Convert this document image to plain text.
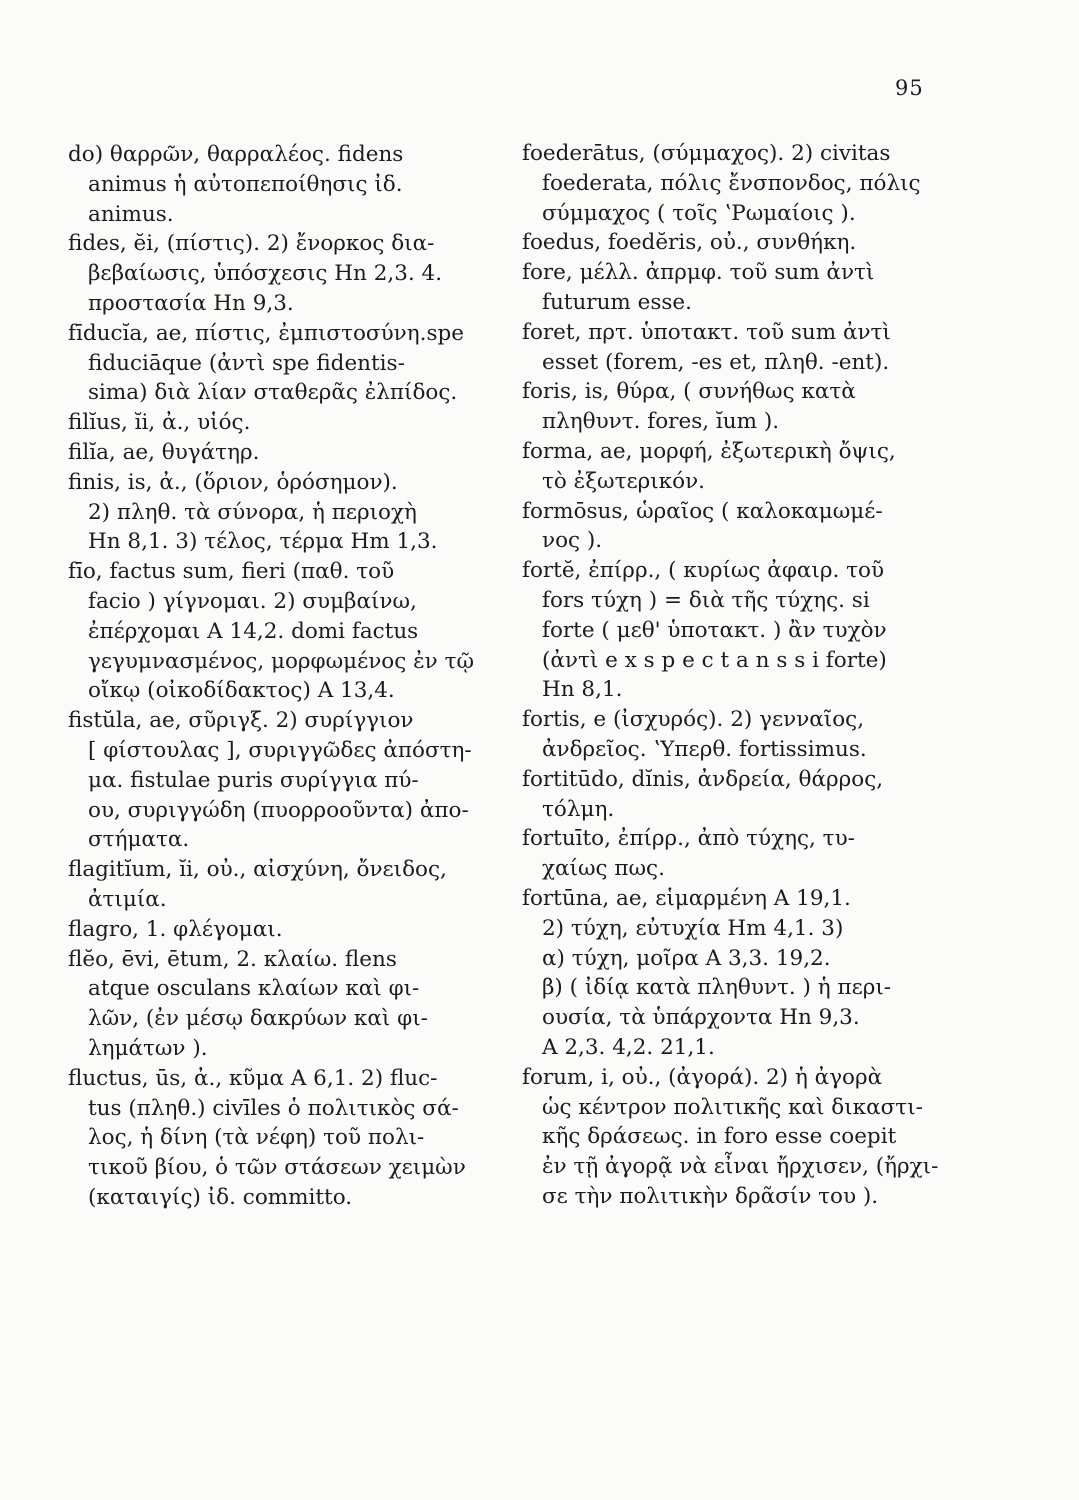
95
do) θαρρῶν, θαρραλέος. fidens
animus ἡ αὐτοπεποίθησις ἰδ.
animus.
fides, ĕi, (πίστις). 2) ἔνορκος δια-
βεβαίωσις, ὑπόσχεσις Hn 2,3. 4.
προστασία Hn 9,3.
fīducĭa, ae, πίστις, ἐμπιστοσύνη.spe
fiduciāque (ἀντὶ spe fidentis-
sima) διὰ λίαν σταθερᾶς ἐλπίδος.
filĭus, ĭi, ἀ., υἱός.
filĭa, ae, θυγάτηρ.
finis, is, ἀ., (ὅριον, ὁρόσημον).
2) πληθ. τὰ σύνορα, ἡ περιοχὴ
Hn 8,1. 3) τέλος, τέρμα Hm 1,3.
fīo, factus sum, fieri (παθ. τοῦ
facio ) γίγνομαι. 2) συμβαίνω,
ἐπέρχομαι A 14,2. domi factus
γεγυμνασμένος, μορφωμένος ἐν τῷ
οἴκῳ (οἰκοδίδακτος) A 13,4.
fistŭla, ae, σῦριγξ. 2) συρίγγιον
[ φίστουλας ], συριγγῶδες ἀπόστη-
μα. fistulae puris συρίγγια πύ-
ου, συριγγώδη (πυορροοῦντα) ἀπο-
στήματα.
flagitĭum, ĭi, οὐ., αἰσχύνη, ὄνειδος,
ἀτιμία.
flagro, 1. φλέγομαι.
flĕo, ēvi, ētum, 2. κλαίω. flens
atque osculans κλαίων καὶ φι-
λῶν, (ἐν μέσῳ δακρύων καὶ φι-
λημάτων ).
fluctus, ūs, ἀ., κῦμα A 6,1. 2) fluc-
tus (πληθ.) civīles ὁ πολιτικὸς σά-
λος, ἡ δίνη (τὰ νέφη) τοῦ πολι-
τικοῦ βίου, ὁ τῶν στάσεων χειμὼν
(καταιγίς) ἰδ. committo.
foederātus, (σύμμαχος). 2) civitas
foederata, πόλις ἔνσπονδος, πόλις
σύμμαχος ( τοῖς ʽΡωμαίοις ).
foedus, foedĕris, οὐ., συνθήκη.
fore, μέλλ. ἀπρμφ. τοῦ sum ἀντὶ
futurum esse.
foret, πρτ. ὑποτακτ. τοῦ sum ἀντὶ
esset (forem, -es et, πληθ. -ent).
foris, is, θύρα, ( συνήθως κατὰ
πληθυντ. fores, ĭum ).
forma, ae, μορφή, ἐξωτερικὴ ὄψις,
τὸ ἐξωτερικόν.
formōsus, ὡραῖος ( καλοκαμωμέ-
νος ).
fortĕ, ἐπίρρ., ( κυρίως ἀφαιρ. τοῦ
fors τύχη ) = διὰ τῆς τύχης. si
forte ( μεθ' ὑποτακτ. ) ἂν τυχὸν
(ἀντὶ e x s p e c t a n s s i forte)
Hn 8,1.
fortis, e (ἰσχυρός). 2) γενναῖος,
ἀνδρεῖος. ʽΥπερθ. fortissimus.
fortitūdo, dĭnis, ἀνδρεία, θάρρος,
τόλμη.
fortuīto, ἐπίρρ., ἀπὸ τύχης, τυ-
χαίως πως.
fortūna, ae, εἱμαρμένη A 19,1.
2) τύχη, εὐτυχία Hm 4,1. 3)
α) τύχη, μοῖρα A 3,3. 19,2.
β) ( ἰδίᾳ κατὰ πληθυντ. ) ἡ περι-
ουσία, τὰ ὑπάρχοντα Hn 9,3.
A 2,3. 4,2. 21,1.
forum, i, οὐ., (ἀγορά). 2) ἡ ἀγορὰ
ὡς κέντρον πολιτικῆς καὶ δικαστι-
κῆς δράσεως. in foro esse coepit
ἐν τῇ ἀγορᾷ νὰ εἶναι ἤρχισεν, (ἤρχι-
σε τὴν πολιτικὴν δρᾶσίν του ).
